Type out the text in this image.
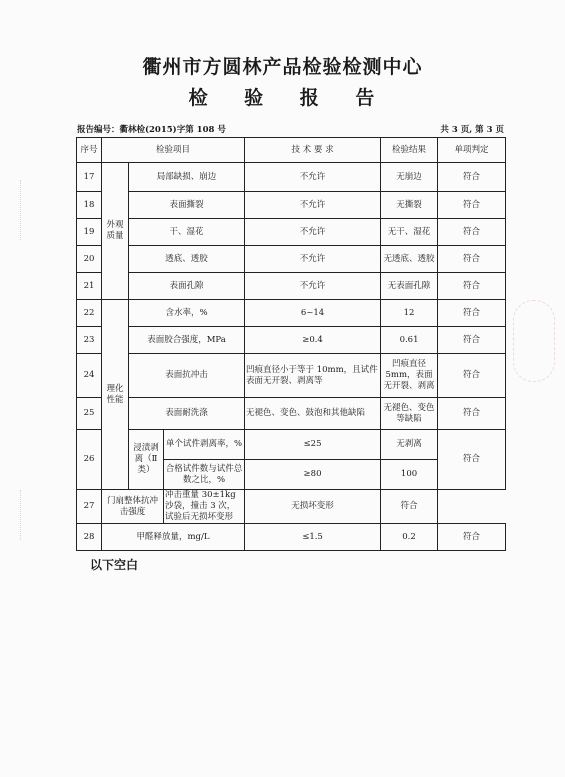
衢州市方圆林产品检验检测中心
检 验 报 告
报告编号：衢林检(2015)字第 108 号	共 3 页, 第 3 页
序号	检验项目			技 术 要 求	检验结果	单项判定
17	外观质量	局部缺损、崩边		不允许	无崩边	符合
18		表面撕裂		不允许	无撕裂	符合
19		干、湿花		不允许	无干、湿花	符合
20		透底、透胶		不允许	无透底、透胶	符合
21		表面孔隙		不允许	无表面孔隙	符合
22	理化性能	含水率，%		6~14	12	符合
23		表面胶合强度，MPa		≥0.4	0.61	符合
24		表面抗冲击		凹痕直径小于等于 10mm，且试件表面无开裂、剥离等	凹痕直径5mm，表面无开裂、剥离	符合
25		表面耐洗涤		无褪色、变色、鼓泡和其他缺陷	无褪色、变色等缺陷	符合
26		浸渍剥离（Ⅱ类）	单个试件剥离率，%	≤25	无剥离	符合
			合格试件数与试件总数之比，%	≥80	100	
27	门扇整体抗冲击强度		冲击重量 30±1kg 沙袋，撞击 3 次，试验后无损坏变形	无损坏变形	符合	
28	甲醛释放量，mg/L			≤1.5	0.2	符合
以下空白
